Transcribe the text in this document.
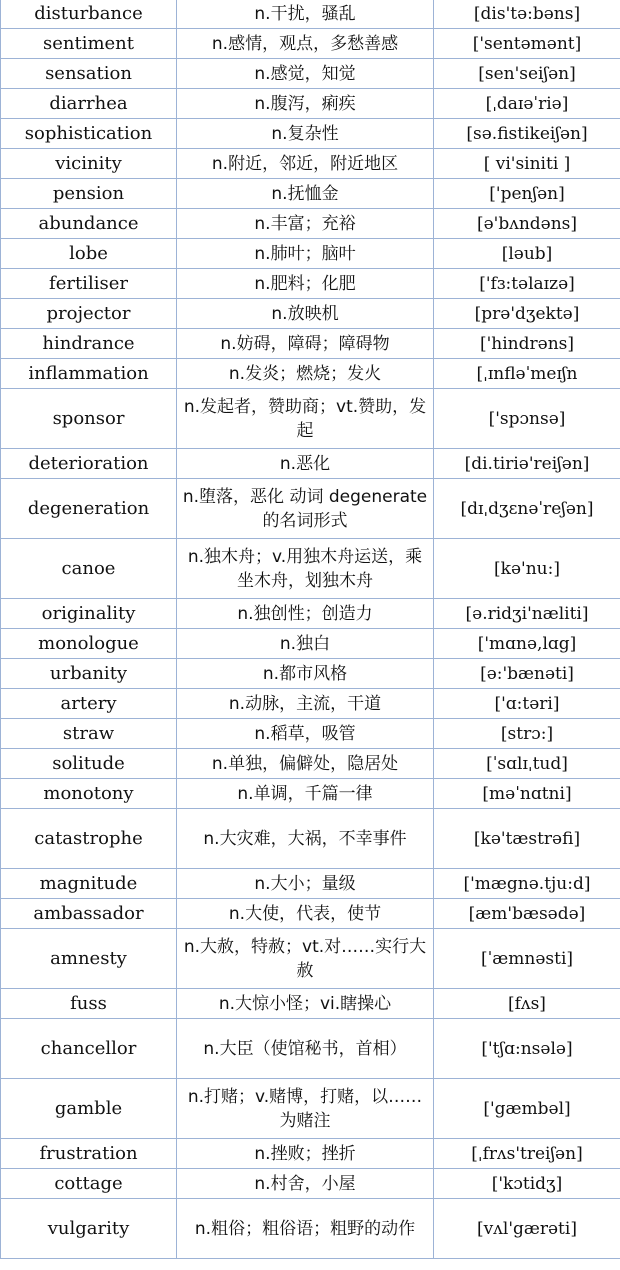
disturbance	n.干扰，骚乱	[dis'tə:bəns]
sentiment	n.感情，观点，多愁善感	['sentəmənt]
sensation	n.感觉，知觉	[sen'seiʃən]
diarrhea	n.腹泻，痢疾	[ˌdaɪəˈriə]
sophistication	n.复杂性	[sə.fistikeiʃən]
vicinity	n.附近，邻近，附近地区	[ vi'siniti ]
pension	n.抚恤金	['penʃən]
abundance	n.丰富；充裕	[ə'bʌndəns]
lobe	n.肺叶；脑叶	[ləub]
fertiliser	n.肥料；化肥	['fɜ:təlaɪzə]
projector	n.放映机	[prə'dʒektə]
hindrance	n.妨碍，障碍；障碍物	['hindrəns]
inflammation	n.发炎；燃烧；发火	[ˌɪnfləˈmeɪʃn
sponsor	n.发起者，赞助商；vt.赞助，发起	['spɔnsə]
deterioration	n.恶化	[di.tiriə'reiʃən]
degeneration	n.堕落，恶化 动词 degenerate 的名词形式	[dɪˌdʒɛnəˈreʃən]
canoe	n.独木舟；v.用独木舟运送，乘坐木舟，划独木舟	[kə'nu:]
originality	n.独创性；创造力	[ə.ridʒi'næliti]
monologue	n.独白	['mɑnə,lɑg]
urbanity	n.都市风格	[ə:'bænəti]
artery	n.动脉，主流，干道	['ɑ:təri]
straw	n.稻草，吸管	[strɔ:]
solitude	n.单独，偏僻处，隐居处	[ˈsɑlɪˌtud]
monotony	n.单调，千篇一律	[məˈnɑtni]
catastrophe	n.大灾难，大祸，不幸事件	[kə'tæstrəfi]
magnitude	n.大小；量级	['mægnə.tju:d]
ambassador	n.大使，代表，使节	[æm'bæsədə]
amnesty	n.大赦，特赦；vt.对……实行大赦	[ˈæmnəsti]
fuss	n.大惊小怪；vi.瞎操心	[fʌs]
chancellor	n.大臣（使馆秘书，首相）	['tʃɑ:nsələ]
gamble	n.打赌；v.赌博，打赌，以……为赌注	['gæmbəl]
frustration	n.挫败；挫折	[ˌfrʌs'treiʃən]
cottage	n.村舍，小屋	['kɔtidʒ]
vulgarity	n.粗俗；粗俗语；粗野的动作	[vʌl'gærəti]
